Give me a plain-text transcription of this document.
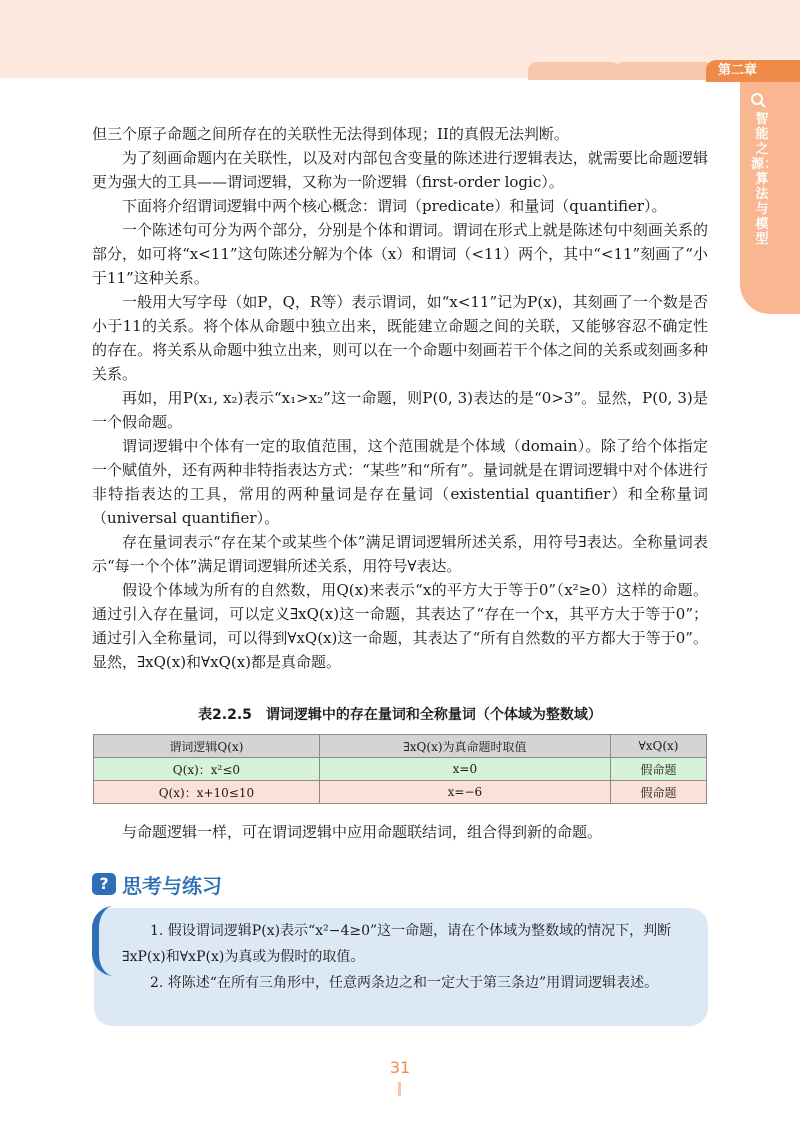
第二章
智能之源：算法与模型

但三个原子命题之间所存在的关联性无法得到体现；II的真假无法判断。

为了刻画命题内在关联性，以及对内部包含变量的陈述进行逻辑表达，就需要比命题逻辑更为强大的工具——谓词逻辑，又称为一阶逻辑（first-order logic）。

下面将介绍谓词逻辑中两个核心概念：谓词（predicate）和量词（quantifier）。

一个陈述句可分为两个部分，分别是个体和谓词。谓词在形式上就是陈述句中刻画关系的部分，如可将“x<11”这句陈述分解为个体（x）和谓词（<11）两个，其中“<11”刻画了“小于11”这种关系。

一般用大写字母（如P，Q，R等）表示谓词，如“x<11”记为P(x)，其刻画了一个数是否小于11的关系。将个体从命题中独立出来，既能建立命题之间的关联，又能够容忍不确定性的存在。将关系从命题中独立出来，则可以在一个命题中刻画若干个体之间的关系或刻画多种关系。

再如，用P(x₁, x₂)表示“x₁>x₂”这一命题，则P(0, 3)表达的是“0>3”。显然，P(0, 3)是一个假命题。

谓词逻辑中个体有一定的取值范围，这个范围就是个体域（domain）。除了给个体指定一个赋值外，还有两种非特指表达方式：“某些”和“所有”。量词就是在谓词逻辑中对个体进行非特指表达的工具，常用的两种量词是存在量词（existential quantifier）和全称量词（universal quantifier）。

存在量词表示“存在某个或某些个体”满足谓词逻辑所述关系，用符号∃表达。全称量词表示“每一个个体”满足谓词逻辑所述关系，用符号∀表达。

假设个体域为所有的自然数，用Q(x)来表示“x的平方大于等于0”（x²≥0）这样的命题。通过引入存在量词，可以定义∃xQ(x)这一命题，其表达了“存在一个x，其平方大于等于0”；通过引入全称量词，可以得到∀xQ(x)这一命题，其表达了“所有自然数的平方都大于等于0”。显然，∃xQ(x)和∀xQ(x)都是真命题。

表2.2.5　谓词逻辑中的存在量词和全称量词（个体域为整数域）
谓词逻辑Q(x)	∃xQ(x)为真命题时取值	∀xQ(x)
Q(x)：x²≤0	x=0	假命题
Q(x)：x+10≤10	x=−6	假命题
与命题逻辑一样，可在谓词逻辑中应用命题联结词，组合得到新的命题。
? 思考与练习

1. 假设谓词逻辑P(x)表示“x²−4≥0”这一命题，请在个体域为整数域的情况下，判断∃xP(x)和∀xP(x)为真或为假时的取值。

2. 将陈述“在所有三角形中，任意两条边之和一定大于第三条边”用谓词逻辑表述。

31
